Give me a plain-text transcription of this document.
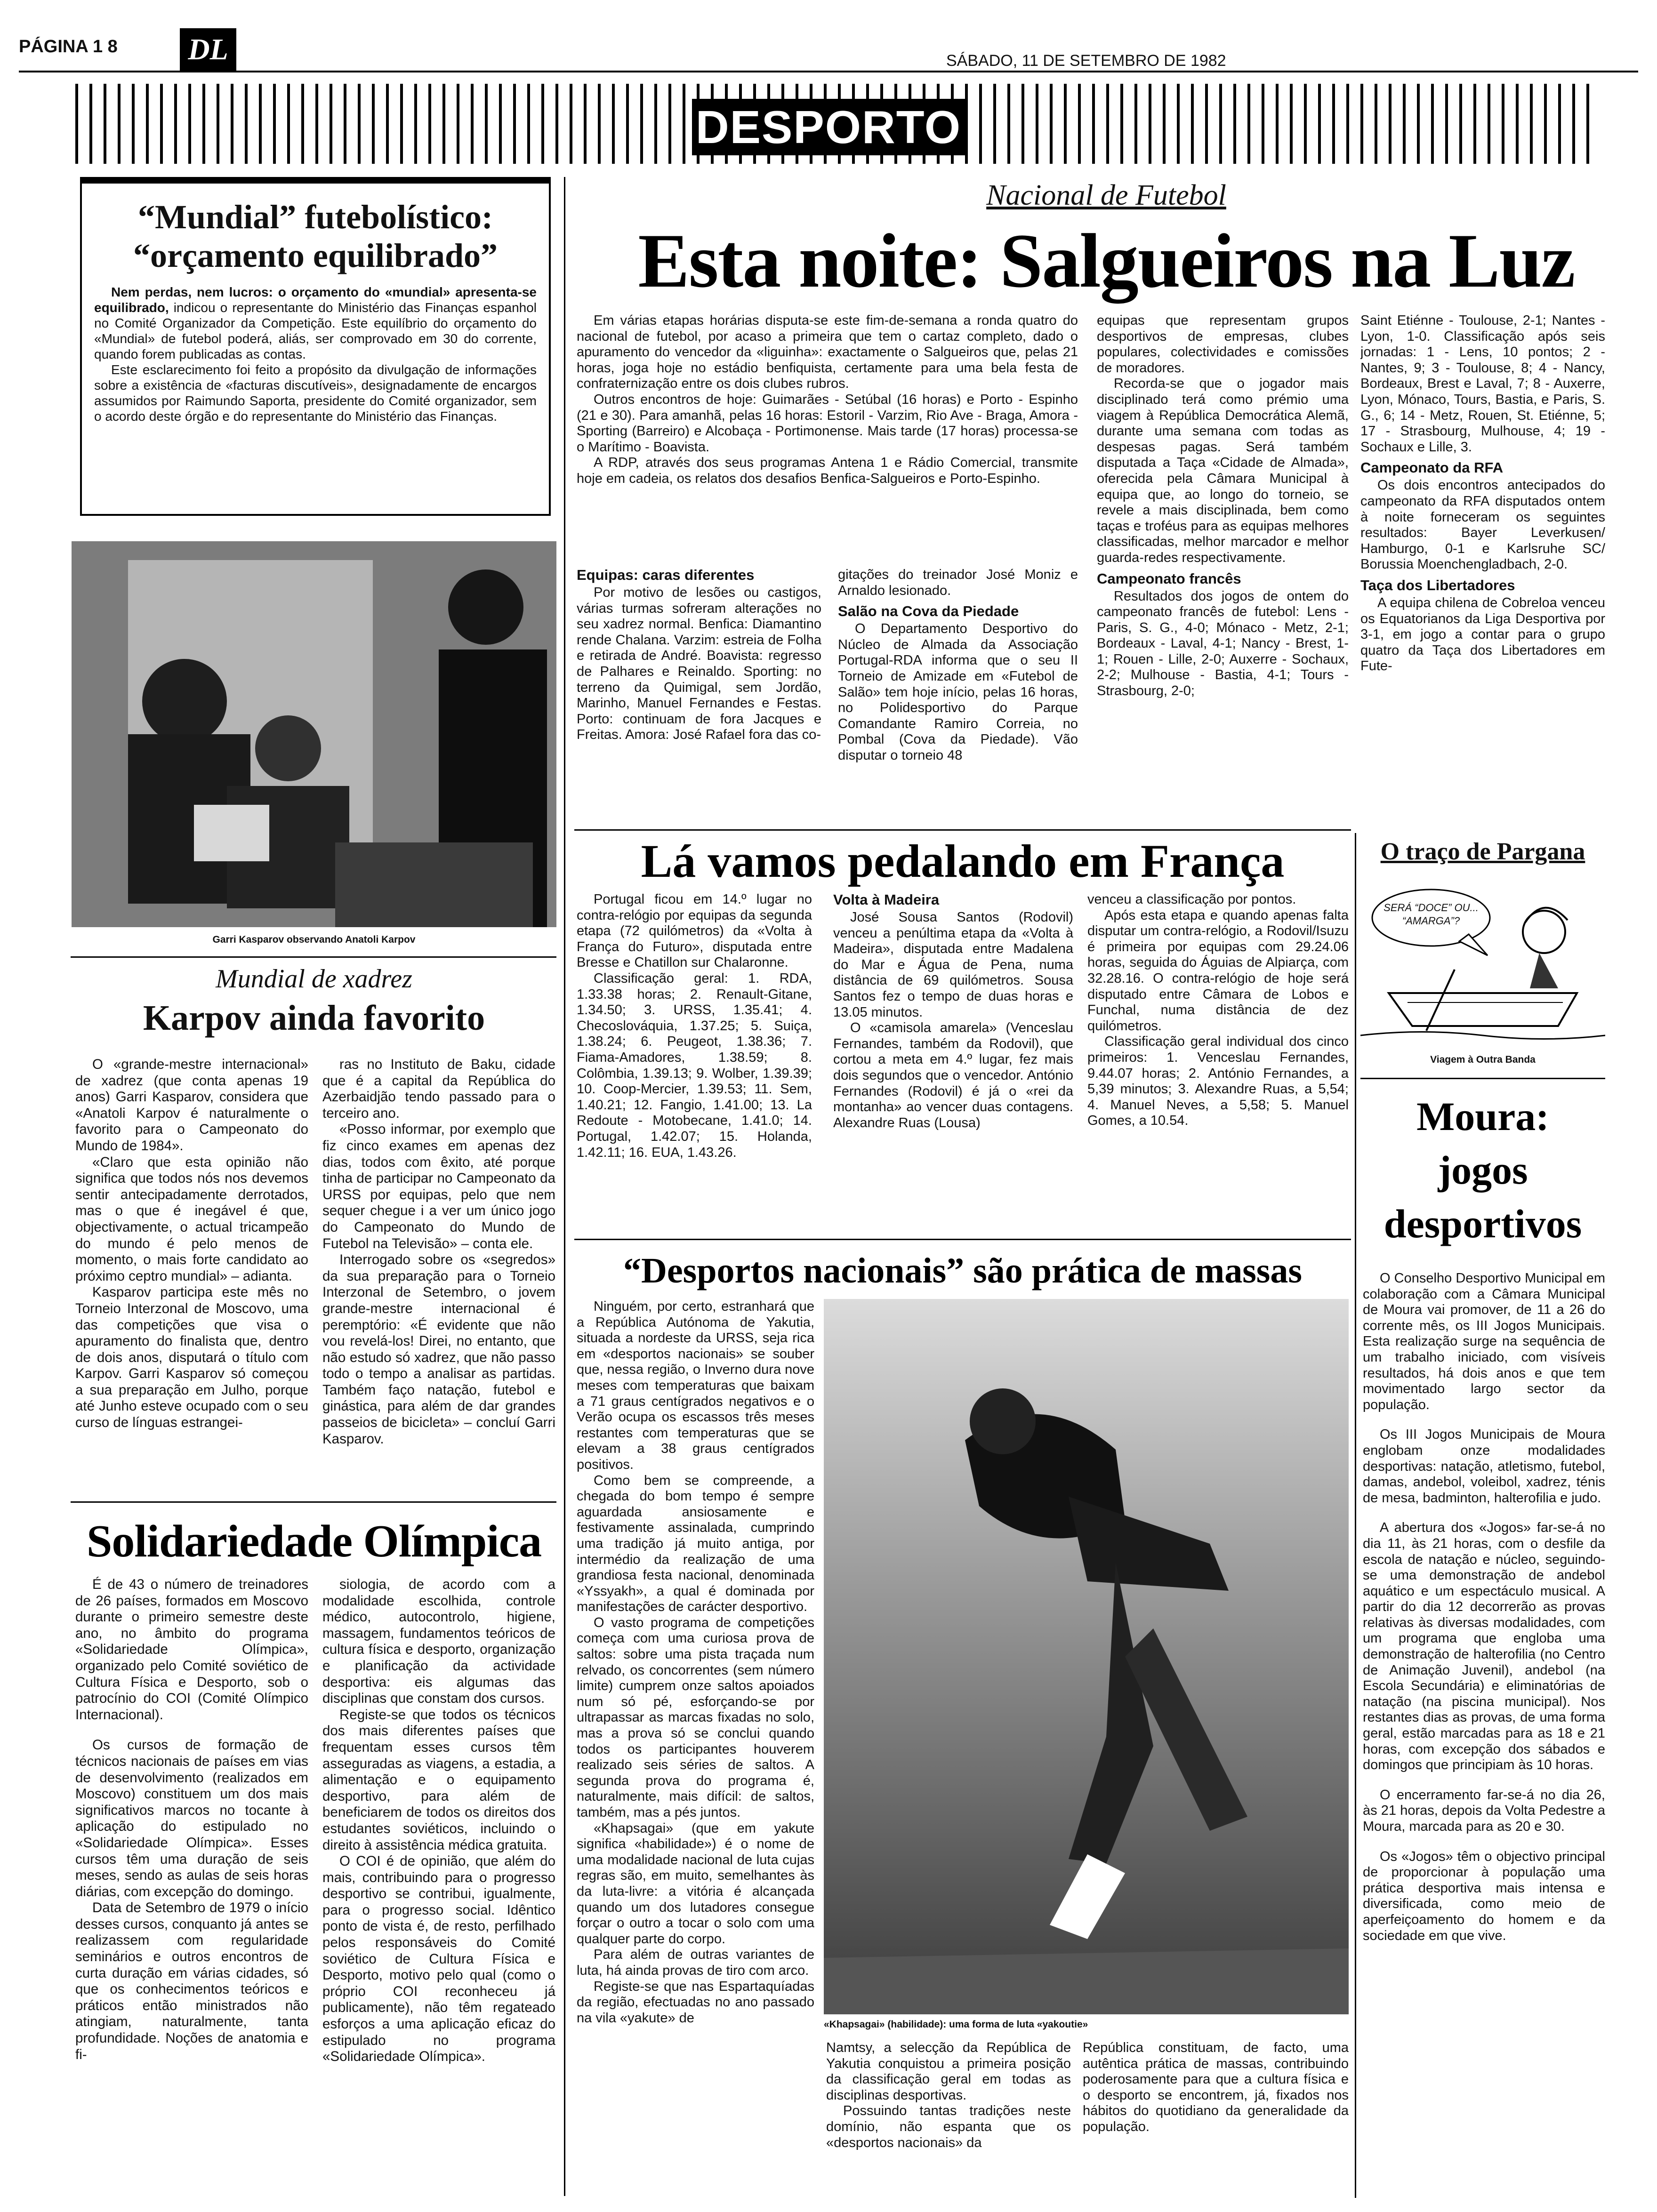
PÁGINA 1 8	DL	SÁBADO, 11 DE SETEMBRO DE 1982
DESPORTO
“Mundial” futebolístico: “orçamento equilibrado”

Nem perdas, nem lucros: o orçamento do «mundial» apresenta-se equilibrado, indicou o representante do Ministério das Finanças espanhol no Comité Organizador da Competição. Este equilíbrio do orçamento do «Mundial» de futebol poderá, aliás, ser comprovado em 30 do corrente, quando forem publicadas as contas.

Este esclarecimento foi feito a propósito da divulgação de informações sobre a existência de «facturas discutíveis», designadamente de encargos assumidos por Raimundo Saporta, presidente do Comité organizador, sem o acordo deste órgão e do representante do Ministério das Finanças.

Garri Kasparov observando Anatoli Karpov
Mundial de xadrez
Karpov ainda favorito

O «grande-mestre internacional» de xadrez (que conta apenas 19 anos) Garri Kasparov, considera que «Anatoli Karpov é naturalmente o favorito para o Campeonato do Mundo de 1984».

«Claro que esta opinião não significa que todos nós nos devemos sentir antecipadamente derrotados, mas o que é inegável é que, objectivamente, o actual tricampeão do mundo é pelo menos de momento, o mais forte candidato ao próximo ceptro mundial» – adianta.

Kasparov participa este mês no Torneio Interzonal de Moscovo, uma das competições que visa o apuramento do finalista que, dentro de dois anos, disputará o título com Karpov. Garri Kasparov só começou a sua preparação em Julho, porque até Junho esteve ocupado com o seu curso de línguas estrangei-

ras no Instituto de Baku, cidade que é a capital da República do Azerbaidjão tendo passado para o terceiro ano.

«Posso informar, por exemplo que fiz cinco exames em apenas dez dias, todos com êxito, até porque tinha de participar no Campeonato da URSS por equipas, pelo que nem sequer chegue i a ver um único jogo do Campeonato do Mundo de Futebol na Televisão» – conta ele.

Interrogado sobre os «segredos» da sua preparação para o Torneio Interzonal de Setembro, o jovem grande-mestre internacional é peremptório: «É evidente que não vou revelá-los! Direi, no entanto, que não estudo só xadrez, que não passo todo o tempo a analisar as partidas. Também faço natação, futebol e ginástica, para além de dar grandes passeios de bicicleta» – concluí Garri Kasparov.

Nacional de Futebol
Esta noite: Salgueiros na Luz

Em várias etapas horárias disputa-se este fim-de-semana a ronda quatro do nacional de futebol, por acaso a primeira que tem o cartaz completo, dado o apuramento do vencedor da «liguinha»: exactamente o Salgueiros que, pelas 21 horas, joga hoje no estádio benfiquista, certamente para uma bela festa de confraternização entre os dois clubes rubros.

Outros encontros de hoje: Guimarães - Setúbal (16 horas) e Porto - Espinho (21 e 30). Para amanhã, pelas 16 horas: Estoril - Varzim, Rio Ave - Braga, Amora - Sporting (Barreiro) e Alcobaça - Portimonense. Mais tarde (17 horas) processa-se o Marítimo - Boavista.

A RDP, através dos seus programas Antena 1 e Rádio Comercial, transmite hoje em cadeia, os relatos dos desafios Benfica-Salgueiros e Porto-Espinho.

Equipas: caras diferentes

Por motivo de lesões ou castigos, várias turmas sofreram alterações no seu xadrez normal. Benfica: Diamantino rende Chalana. Varzim: estreia de Folha e retirada de André. Boavista: regresso de Palhares e Reinaldo. Sporting: no terreno da Quimigal, sem Jordão, Marinho, Manuel Fernandes e Festas. Porto: continuam de fora Jacques e Freitas. Amora: José Rafael fora das co-

gitações do treinador José Moniz e Arnaldo lesionado.

Salão na Cova da Piedade

O Departamento Desportivo do Núcleo de Almada da Associação Portugal-RDA informa que o seu II Torneio de Amizade em «Futebol de Salão» tem hoje início, pelas 16 horas, no Polidesportivo do Parque Comandante Ramiro Correia, no Pombal (Cova da Piedade). Vão disputar o torneio 48

equipas que representam grupos desportivos de empresas, clubes populares, colectividades e comissões de moradores.

Recorda-se que o jogador mais disciplinado terá como prémio uma viagem à República Democrática Alemã, durante uma semana com todas as despesas pagas. Será também disputada a Taça «Cidade de Almada», oferecida pela Câmara Municipal à equipa que, ao longo do torneio, se revele a mais disciplinada, bem como taças e troféus para as equipas melhores classificadas, melhor marcador e melhor guarda-redes respectivamente.

Campeonato francês

Resultados dos jogos de ontem do campeonato francês de futebol: Lens - Paris, S. G., 4-0; Mónaco - Metz, 2-1; Bordeaux - Laval, 4-1; Nancy - Brest, 1-1; Rouen - Lille, 2-0; Auxerre - Sochaux, 2-2; Mulhouse - Bastia, 4-1; Tours - Strasbourg, 2-0;

Saint Etiénne - Toulouse, 2-1; Nantes - Lyon, 1-0. Classificação após seis jornadas: 1 - Lens, 10 pontos; 2 - Nantes, 9; 3 - Toulouse, 8; 4 - Nancy, Bordeaux, Brest e Laval, 7; 8 - Auxerre, Lyon, Mónaco, Tours, Bastia, e Paris, S. G., 6; 14 - Metz, Rouen, St. Etiénne, 5; 17 - Strasbourg, Mulhouse, 4; 19 - Sochaux e Lille, 3.

Campeonato da RFA

Os dois encontros antecipados do campeonato da RFA disputados ontem à noite forneceram os seguintes resultados: Bayer Leverkusen/ Hamburgo, 0-1 e Karlsruhe SC/ Borussia Moenchengladbach, 2-0.

Taça dos Libertadores

A equipa chilena de Cobreloa venceu os Equatorianos da Liga Desportiva por 3-1, em jogo a contar para o grupo quatro da Taça dos Libertadores em Fute-

Lá vamos pedalando em França

Portugal ficou em 14.º lugar no contra-relógio por equipas da segunda etapa (72 quilómetros) da «Volta à França do Futuro», disputada entre Bresse e Chatillon sur Chalaronne.

Classificação geral: 1. RDA, 1.33.38 horas; 2. Renault-Gitane, 1.34.50; 3. URSS, 1.35.41; 4. Checoslováquia, 1.37.25; 5. Suiça, 1.38.24; 6. Peugeot, 1.38.36; 7. Fiama-Amadores, 1.38.59; 8. Colômbia, 1.39.13; 9. Wolber, 1.39.39; 10. Coop-Mercier, 1.39.53; 11. Sem, 1.40.21; 12. Fangio, 1.41.00; 13. La Redoute - Motobecane, 1.41.0; 14. Portugal, 1.42.07; 15. Holanda, 1.42.11; 16. EUA, 1.43.26.

Volta à Madeira

José Sousa Santos (Rodovil) venceu a penúltima etapa da «Volta à Madeira», disputada entre Madalena do Mar e Água de Pena, numa distância de 69 quilómetros. Sousa Santos fez o tempo de duas horas e 13.05 minutos.

O «camisola amarela» (Venceslau Fernandes, também da Rodovil), que cortou a meta em 4.º lugar, fez mais dois segundos que o vencedor. António Fernandes (Rodovil) é já o «rei da montanha» ao vencer duas contagens. Alexandre Ruas (Lousa)

venceu a classificação por pontos.

Após esta etapa e quando apenas falta disputar um contra-relógio, a Rodovil/Isuzu é primeira por equipas com 29.24.06 horas, seguida do Águias de Alpiarça, com 32.28.16. O contra-relógio de hoje será disputado entre Câmara de Lobos e Funchal, numa distância de dez quilómetros.

Classificação geral individual dos cinco primeiros: 1. Venceslau Fernandes, 9.44.07 horas; 2. António Fernandes, a 5,39 minutos; 3. Alexandre Ruas, a 5,54; 4. Manuel Neves, a 5,58; 5. Manuel Gomes, a 10.54.

O traço de Pargana
SERÁ “DOCE” OU... “AMARGA”?
Viagem à Outra Banda
Moura:
jogos
desportivos

O Conselho Desportivo Municipal em colaboração com a Câmara Municipal de Moura vai promover, de 11 a 26 do corrente mês, os III Jogos Municipais. Esta realização surge na sequência de um trabalho iniciado, com visíveis resultados, há dois anos e que tem movimentado largo sector da população.

Os III Jogos Municipais de Moura englobam onze modalidades desportivas: natação, atletismo, futebol, damas, andebol, voleibol, xadrez, ténis de mesa, badminton, halterofilia e judo.

A abertura dos «Jogos» far-se-á no dia 11, às 21 horas, com o desfile da escola de natação e núcleo, seguindo-se uma demonstração de andebol aquático e um espectáculo musical. A partir do dia 12 decorrerão as provas relativas às diversas modalidades, com um programa que engloba uma demonstração de halterofilia (no Centro de Animação Juvenil), andebol (na Escola Secundária) e eliminatórias de natação (na piscina municipal). Nos restantes dias as provas, de uma forma geral, estão marcadas para as 18 e 21 horas, com excepção dos sábados e domingos que principiam às 10 horas.

O encerramento far-se-á no dia 26, às 21 horas, depois da Volta Pedestre a Moura, marcada para as 20 e 30.

Os «Jogos» têm o objectivo principal de proporcionar à população uma prática desportiva mais intensa e diversificada, como meio de aperfeiçoamento do homem e da sociedade em que vive.

Solidariedade Olímpica

É de 43 o número de treinadores de 26 países, formados em Moscovo durante o primeiro semestre deste ano, no âmbito do programa «Solidariedade Olímpica», organizado pelo Comité soviético de Cultura Física e Desporto, sob o patrocínio do COI (Comité Olímpico Internacional).

Os cursos de formação de técnicos nacionais de países em vias de desenvolvimento (realizados em Moscovo) constituem um dos mais significativos marcos no tocante à aplicação do estipulado no «Solidariedade Olímpica». Esses cursos têm uma duração de seis meses, sendo as aulas de seis horas diárias, com excepção do domingo.

Data de Setembro de 1979 o início desses cursos, conquanto já antes se realizassem com regularidade seminários e outros encontros de curta duração em várias cidades, só que os conhecimentos teóricos e práticos então ministrados não atingiam, naturalmente, tanta profundidade. Noções de anatomia e fi-

siologia, de acordo com a modalidade escolhida, controle médico, autocontrolo, higiene, massagem, fundamentos teóricos de cultura física e desporto, organização e planificação da actividade desportiva: eis algumas das disciplinas que constam dos cursos.

Registe-se que todos os técnicos dos mais diferentes países que frequentam esses cursos têm asseguradas as viagens, a estadia, a alimentação e o equipamento desportivo, para além de beneficiarem de todos os direitos dos estudantes soviéticos, incluindo o direito à assistência médica gratuita.

O COI é de opinião, que além do mais, contribuindo para o progresso desportivo se contribui, igualmente, para o progresso social. Idêntico ponto de vista é, de resto, perfilhado pelos responsáveis do Comité soviético de Cultura Física e Desporto, motivo pelo qual (como o próprio COI reconheceu já publicamente), não têm regateado esforços a uma aplicação eficaz do estipulado no programa «Solidariedade Olímpica».

“Desportos nacionais” são prática de massas

Ninguém, por certo, estranhará que a República Autónoma de Yakutia, situada a nordeste da URSS, seja rica em «desportos nacionais» se souber que, nessa região, o Inverno dura nove meses com temperaturas que baixam a 71 graus centígrados negativos e o Verão ocupa os escassos três meses restantes com temperaturas que se elevam a 38 graus centígrados positivos.

Como bem se compreende, a chegada do bom tempo é sempre aguardada ansiosamente e festivamente assinalada, cumprindo uma tradição já muito antiga, por intermédio da realização de uma grandiosa festa nacional, denominada «Yssyakh», a qual é dominada por manifestações de carácter desportivo.

O vasto programa de competições começa com uma curiosa prova de saltos: sobre uma pista traçada num relvado, os concorrentes (sem número limite) cumprem onze saltos apoiados num só pé, esforçando-se por ultrapassar as marcas fixadas no solo, mas a prova só se conclui quando todos os participantes houverem realizado seis séries de saltos. A segunda prova do programa é, naturalmente, mais difícil: de saltos, também, mas a pés juntos.

«Khapsagai» (que em yakute significa «habilidade») é o nome de uma modalidade nacional de luta cujas regras são, em muito, semelhantes às da luta-livre: a vitória é alcançada quando um dos lutadores consegue forçar o outro a tocar o solo com uma qualquer parte do corpo.

Para além de outras variantes de luta, há ainda provas de tiro com arco.

Registe-se que nas Espartaquíadas da região, efectuadas no ano passado na vila «yakute» de	«Khapsagai» (habilidade): uma forma de luta «yakoutie»

Namtsy, a selecção da República de Yakutia conquistou a primeira posição da classificação geral em todas as disciplinas desportivas.

Possuindo tantas tradições neste domínio, não espanta que os «desportos nacionais» da

República constituam, de facto, uma autêntica prática de massas, contribuindo poderosamente para que a cultura física e o desporto se encontrem, já, fixados nos hábitos do quotidiano da generalidade da população.
